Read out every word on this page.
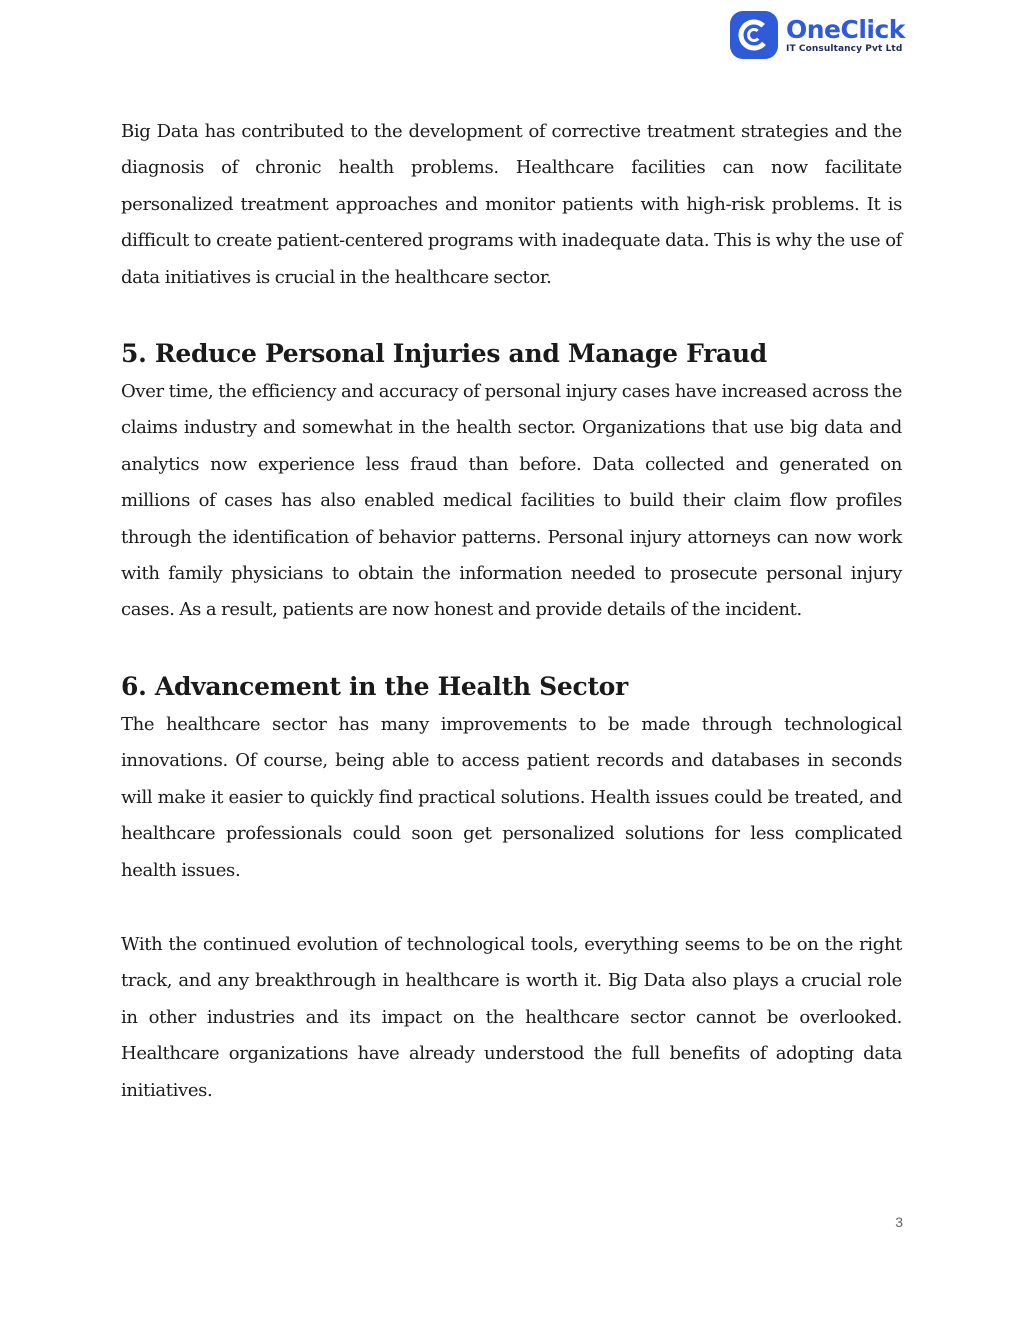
OneClick
IT Consultancy Pvt Ltd

Big Data has contributed to the development of corrective treatment strategies and the diagnosis of chronic health problems. Healthcare facilities can now facilitate personalized treatment approaches and monitor patients with high-risk problems. It is difficult to create patient-centered programs with inadequate data. This is why the use of data initiatives is crucial in the healthcare sector.

5. Reduce Personal Injuries and Manage Fraud

Over time, the efficiency and accuracy of personal injury cases have increased across the claims industry and somewhat in the health sector. Organizations that use big data and analytics now experience less fraud than before. Data collected and generated on millions of cases has also enabled medical facilities to build their claim flow profiles through the identification of behavior patterns. Personal injury attorneys can now work with family physicians to obtain the information needed to prosecute personal injury cases. As a result, patients are now honest and provide details of the incident.

6. Advancement in the Health Sector

The healthcare sector has many improvements to be made through technological innovations. Of course, being able to access patient records and databases in seconds will make it easier to quickly find practical solutions. Health issues could be treated, and healthcare professionals could soon get personalized solutions for less complicated health issues.

With the continued evolution of technological tools, everything seems to be on the right track, and any breakthrough in healthcare is worth it. Big Data also plays a crucial role in other industries and its impact on the healthcare sector cannot be overlooked. Healthcare organizations have already understood the full benefits of adopting data initiatives.

3
